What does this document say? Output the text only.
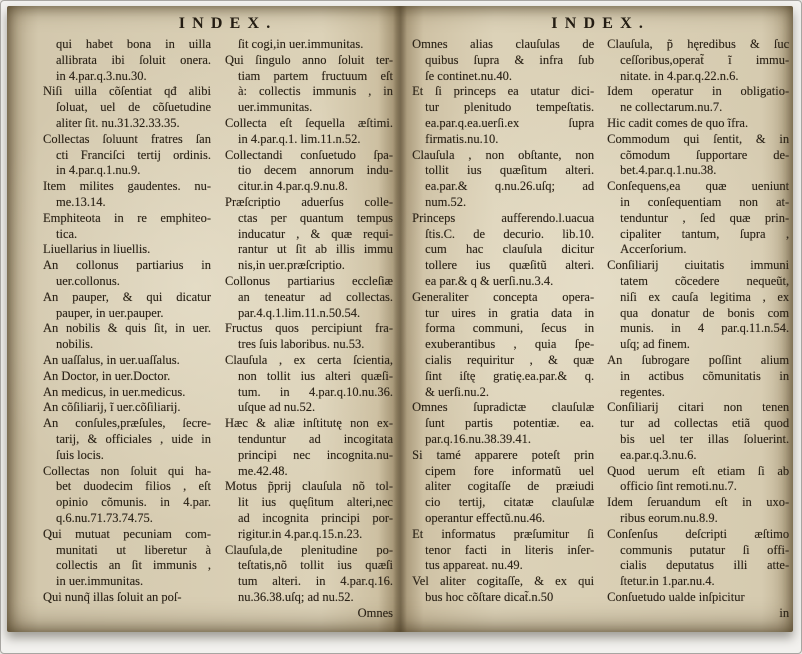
INDEX.
qui habet bona in uilla
allibrata ibi ſoluit onera.
in 4.par.q.3.nu.30.
Niſi uilla cõſentiat qđ alibi
ſoluat, uel de cõſuetudine
aliter ſit. nu.31.32.33.35.
Collectas ſoluunt fratres ſan
cti Franciſci tertij ordinis.
in 4.par.q.1.nu.9.
Item milites gaudentes. nu-
me.13.14.
Emphiteota in re emphiteo-
tica.
Liuellarius in liuellis.
An collonus partiarius in
uer.collonus.
An pauper, & qui dicatur
pauper, in uer.pauper.
An nobilis & quis ſit, in uer.
nobilis.
An uaſſalus, in uer.uaſſalus.
An Doctor, in uer.Doctor.
An medicus, in uer.medicus.
An cõſiliarij, ĩ uer.cõſiliarij.
An conſules,præſules, ſecre-
tarij, & officiales , uide in
ſuis locis.
Collectas non ſoluit qui ha-
bet duodecim filios , eſt
opinio cõmunis. in 4.par.
q.6.nu.71.73.74.75.
Qui mutuat pecuniam com-
munitati ut liberetur à
collectis an ſit immunis ,
in uer.immunitas.
Qui nunq̃ illas ſoluit an poſ-
ſit cogi,in uer.immunitas.
Qui ſingulo anno ſoluit ter-
tiam partem fructuum eſt
à: collectis immunis , in
uer.immunitas.
Collecta eſt ſequella æſtimi.
in 4.par.q.1. lim.11.n.52.
Collectandi conſuetudo ſpa-
tio decem annorum indu-
citur.in 4.par.q.9.nu.8.
Præſcriptio aduerſus colle-
ctas per quantum tempus
inducatur , & quæ requi-
rantur ut ſit ab illis immu
nis,in uer.præſcriptio.
Collonus partiarius eccleſiæ
an teneatur ad collectas.
par.4.q.1.lim.11.n.50.54.
Fructus quos percipiunt fra-
tres ſuis laboribus. nu.53.
Clauſula , ex certa ſcientia,
non tollit ius alteri quæſi-
tum. in 4.par.q.10.nu.36.
uſque ad nu.52.
Hæc & aliæ inſtitutę non ex-
tenduntur ad incogitata
principi nec incognita.nu-
me.42.48.
Motus p̃prij clauſula nõ tol-
lit ius quęſitum alteri,nec
ad incognita principi por-
rigitur.in 4.par.q.15.n.23.
Clauſula,de plenitudine po-
teſtatis,nõ tollit ius quæſi
tum alteri. in 4.par.q.16.
nu.36.38.uſq; ad nu.52.
Omnes
INDEX.
Omnes alias clauſulas de
quibus ſupra & infra ſub
ſe continet.nu.40.
Et ſi princeps ea utatur dici-
tur plenitudo tempeſtatis.
ea.par.q.ea.uerſi.ex ſupra
firmatis.nu.10.
Clauſula , non obſtante, non
tollit ius quæſitum alteri.
ea.par.& q.nu.26.uſq; ad
num.52.
Princeps aufferendo.l.uacua
ſtis.C. de decurio. lib.10.
cum hac clauſula dicitur
tollere ius quæſitũ alteri.
ea par.& q & uerſi.nu.3.4.
Generaliter concepta opera-
tur uires in gratia data in
forma communi, ſecus in
exuberantibus , quia ſpe-
cialis requiritur , & quæ
ſint iſtę gratię.ea.par.& q.
& uerſi.nu.2.
Omnes ſupradictæ clauſulæ
ſunt partis potentiæ. ea.
par.q.16.nu.38.39.41.
Si tamé apparere poteſt prin
cipem fore informatũ uel
aliter cogitaſſe de præiudi
cio tertij, citatæ clauſulæ
operantur effectũ.nu.46.
Et informatus præſumitur ſi
tenor facti in literis inſer-
tus appareat. nu.49.
Vel aliter cogitaſſe, & ex qui
bus hoc cõſtare dicat̃.n.50
Clauſula, p̃ hęredibus & ſuc
ceſſoribus,operat̃ ĩ immu-
nitate. in 4.par.q.22.n.6.
Idem operatur in obligatio-
ne collectarum.nu.7.
Hic cadit comes de quo ĩfra.
Commodum qui ſentit, & in
cõmodum ſupportare de-
bet.4.par.q.1.nu.38.
Conſequens,ea quæ ueniunt
in conſequentiam non at-
tenduntur , ſed quæ prin-
cipaliter tantum, ſupra ,
Accerſorium.
Conſiliarij ciuitatis immuni
tatem cõcedere nequeũt,
niſi ex cauſa legitima , ex
qua donatur de bonis com
munis. in 4 par.q.11.n.54.
uſq; ad finem.
An ſubrogare poſſint alium
in actibus cõmunitatis in
regentes.
Conſiliarij citari non tenen
tur ad collectas etiã quod
bis uel ter illas ſoluerint.
ea.par.q.3.nu.6.
Quod uerum eſt etiam ſi ab
officio ſint remoti.nu.7.
Idem ſeruandum eſt in uxo-
ribus eorum.nu.8.9.
Conſenſus deſcripti æſtimo
communis putatur ſi offi-
cialis deputatus illi atte-
ſtetur.in 1.par.nu.4.
Conſuetudo ualde inſpicitur
in
